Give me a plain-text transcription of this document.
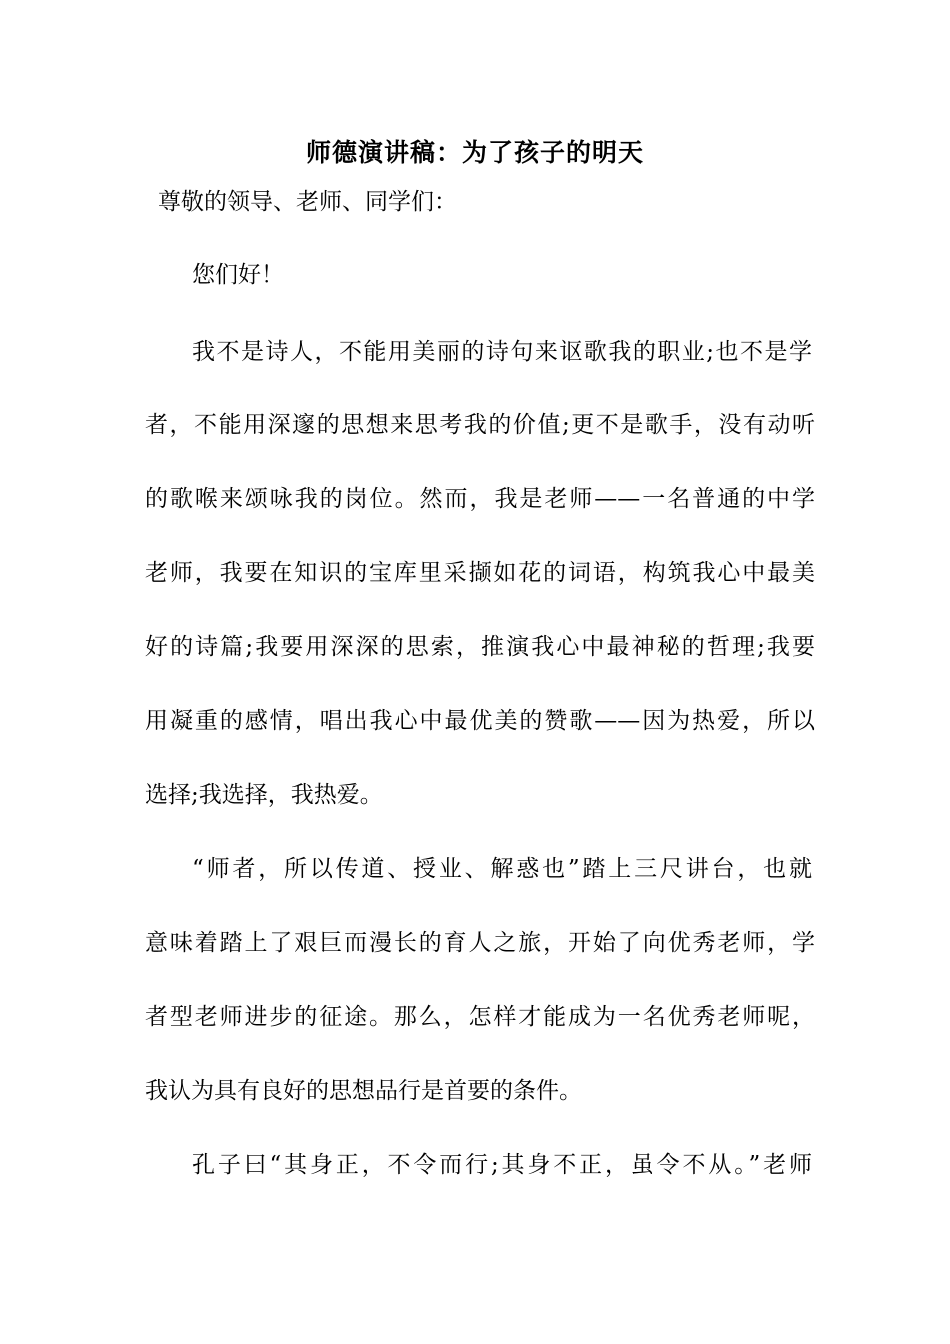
师德演讲稿：为了孩子的明天
尊敬的领导、老师、同学们：
您们好！
我不是诗人，不能用美丽的诗句来讴歌我的职业;也不是学
者，不能用深邃的思想来思考我的价值;更不是歌手，没有动听
的歌喉来颂咏我的岗位。然而，我是老师——一名普通的中学
老师，我要在知识的宝库里采撷如花的词语，构筑我心中最美
好的诗篇;我要用深深的思索，推演我心中最神秘的哲理;我要
用凝重的感情，唱出我心中最优美的赞歌——因为热爱，所以
选择;我选择，我热爱。
“师者，所以传道、授业、解惑也”踏上三尺讲台，也就
意味着踏上了艰巨而漫长的育人之旅，开始了向优秀老师，学
者型老师进步的征途。那么，怎样才能成为一名优秀老师呢，
我认为具有良好的思想品行是首要的条件。
孔子曰“其身正，不令而行;其身不正，虽令不从。”老师
